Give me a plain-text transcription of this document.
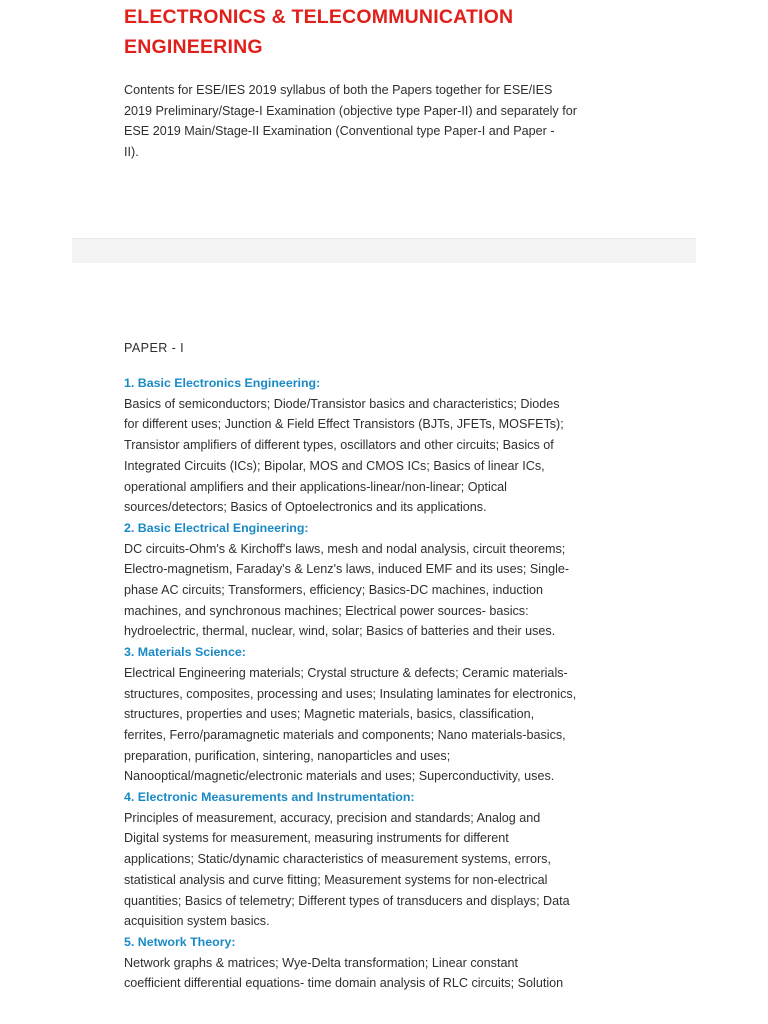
ELECTRONICS & TELECOMMUNICATION
ENGINEERING

Contents for ESE/IES 2019 syllabus of both the Papers together for ESE/IES
2019 Preliminary/Stage-I Examination (objective type Paper-II) and separately for
ESE 2019 Main/Stage-II Examination (Conventional type Paper-I and Paper -
II).

PAPER - I

1. Basic Electronics Engineering:

Basics of semiconductors; Diode/Transistor basics and characteristics; Diodes
for different uses; Junction & Field Effect Transistors (BJTs, JFETs, MOSFETs);
Transistor amplifiers of different types, oscillators and other circuits; Basics of
Integrated Circuits (ICs); Bipolar, MOS and CMOS ICs; Basics of linear ICs,
operational amplifiers and their applications-linear/non-linear; Optical
sources/detectors; Basics of Optoelectronics and its applications.

2. Basic Electrical Engineering:

DC circuits-Ohm's & Kirchoff's laws, mesh and nodal analysis, circuit theorems;
Electro-magnetism, Faraday's & Lenz's laws, induced EMF and its uses; Single-
phase AC circuits; Transformers, efficiency; Basics-DC machines, induction
machines, and synchronous machines; Electrical power sources- basics:
hydroelectric, thermal, nuclear, wind, solar; Basics of batteries and their uses.

3. Materials Science:

Electrical Engineering materials; Crystal structure & defects; Ceramic materials-
structures, composites, processing and uses; Insulating laminates for electronics,
structures, properties and uses; Magnetic materials, basics, classification,
ferrites, Ferro/paramagnetic materials and components; Nano materials-basics,
preparation, purification, sintering, nanoparticles and uses;
Nanooptical/magnetic/electronic materials and uses; Superconductivity, uses.

4. Electronic Measurements and Instrumentation:

Principles of measurement, accuracy, precision and standards; Analog and
Digital systems for measurement, measuring instruments for different
applications; Static/dynamic characteristics of measurement systems, errors,
statistical analysis and curve fitting; Measurement systems for non-electrical
quantities; Basics of telemetry; Different types of transducers and displays; Data
acquisition system basics.

5. Network Theory:

Network graphs & matrices; Wye-Delta transformation; Linear constant
coefficient differential equations- time domain analysis of RLC circuits; Solution
